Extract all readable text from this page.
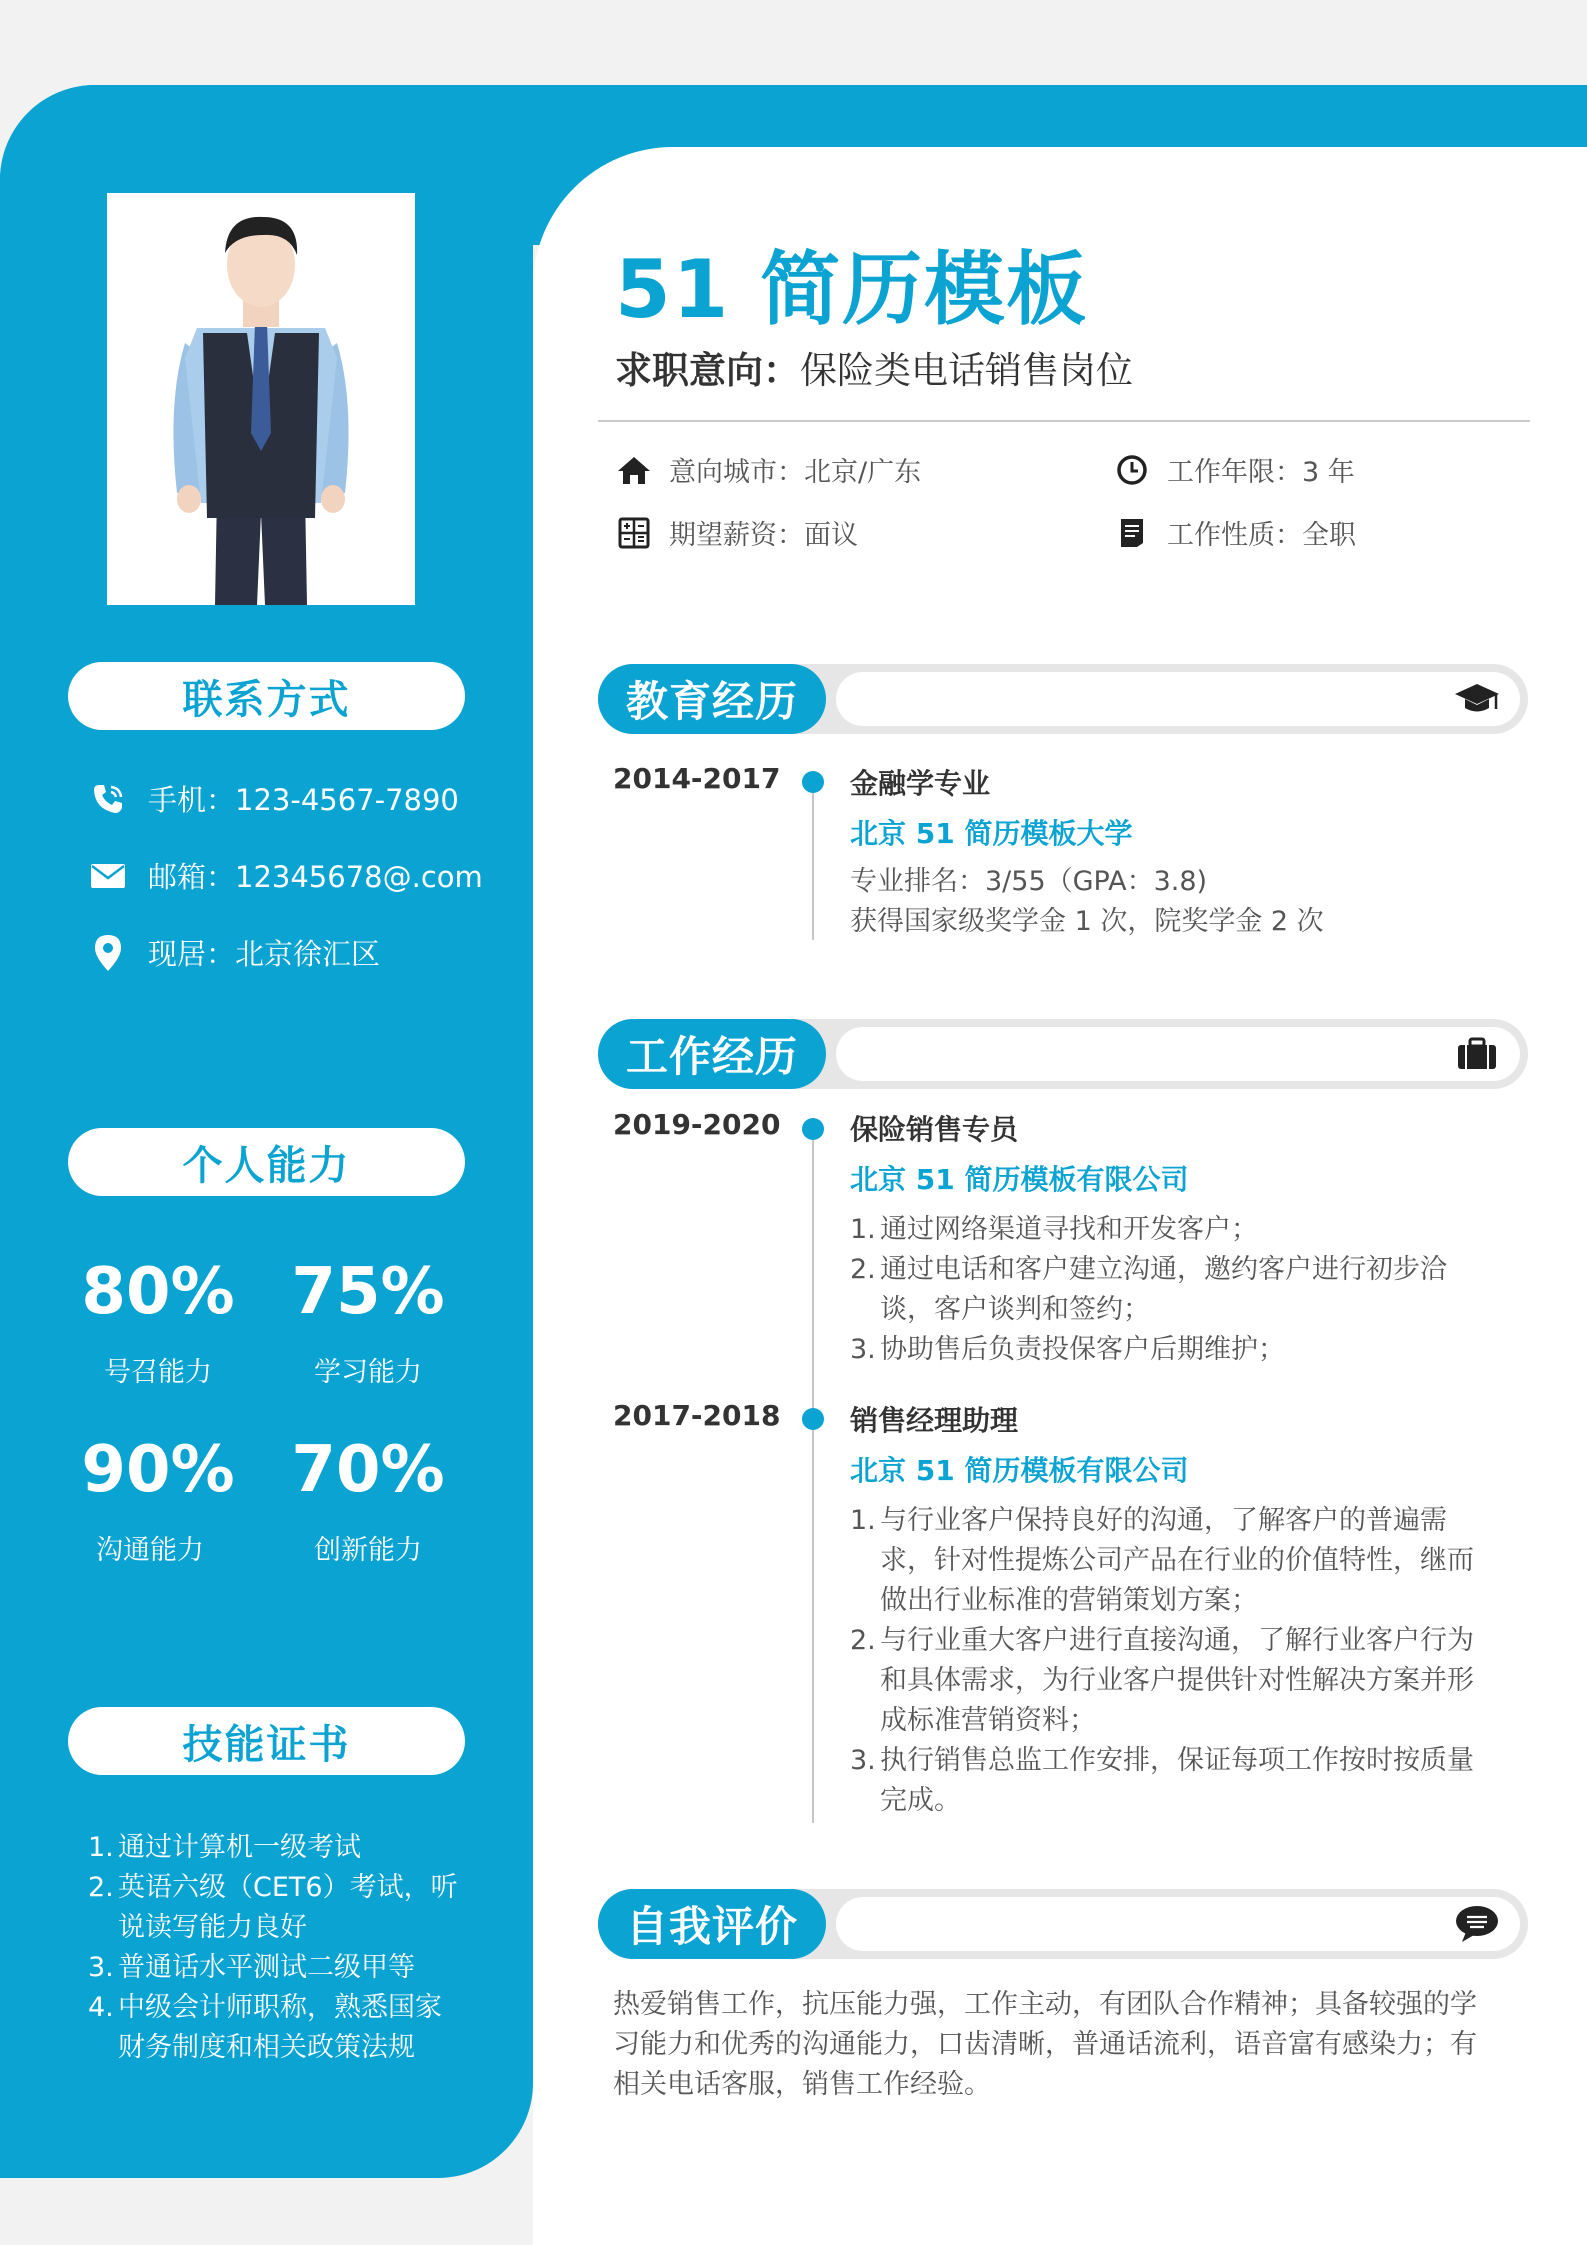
联系方式
手机：123-4567-7890
邮箱：12345678@.com
现居：北京徐汇区
个人能力
80%
号召能力
75%
学习能力
90%
沟通能力
70%
创新能力
技能证书
1. 通过计算机一级考试
2. 英语六级（CET6）考试，听说读写能力良好
3. 普通话水平测试二级甲等
4. 中级会计师职称，熟悉国家财务制度和相关政策法规
51 简历模板
求职意向：保险类电话销售岗位
意向城市：北京/广东	工作年限：3 年
期望薪资：面议	工作性质：全职
教育经历
2014-2017 金融学专业
北京 51 简历模板大学
专业排名：3/55（GPA：3.8)
获得国家级奖学金 1 次，院奖学金 2 次
工作经历
2019-2020 保险销售专员
北京 51 简历模板有限公司
1. 通过网络渠道寻找和开发客户；
2. 通过电话和客户建立沟通，邀约客户进行初步洽谈，客户谈判和签约；
3. 协助售后负责投保客户后期维护；
2017-2018 销售经理助理
北京 51 简历模板有限公司
1. 与行业客户保持良好的沟通，了解客户的普遍需求，针对性提炼公司产品在行业的价值特性，继而做出行业标准的营销策划方案；
2. 与行业重大客户进行直接沟通，了解行业客户行为和具体需求，为行业客户提供针对性解决方案并形成标准营销资料；
3. 执行销售总监工作安排，保证每项工作按时按质量完成。
自我评价
热爱销售工作，抗压能力强，工作主动，有团队合作精神；具备较强的学习能力和优秀的沟通能力，口齿清晰，普通话流利，语音富有感染力；有相关电话客服，销售工作经验。
